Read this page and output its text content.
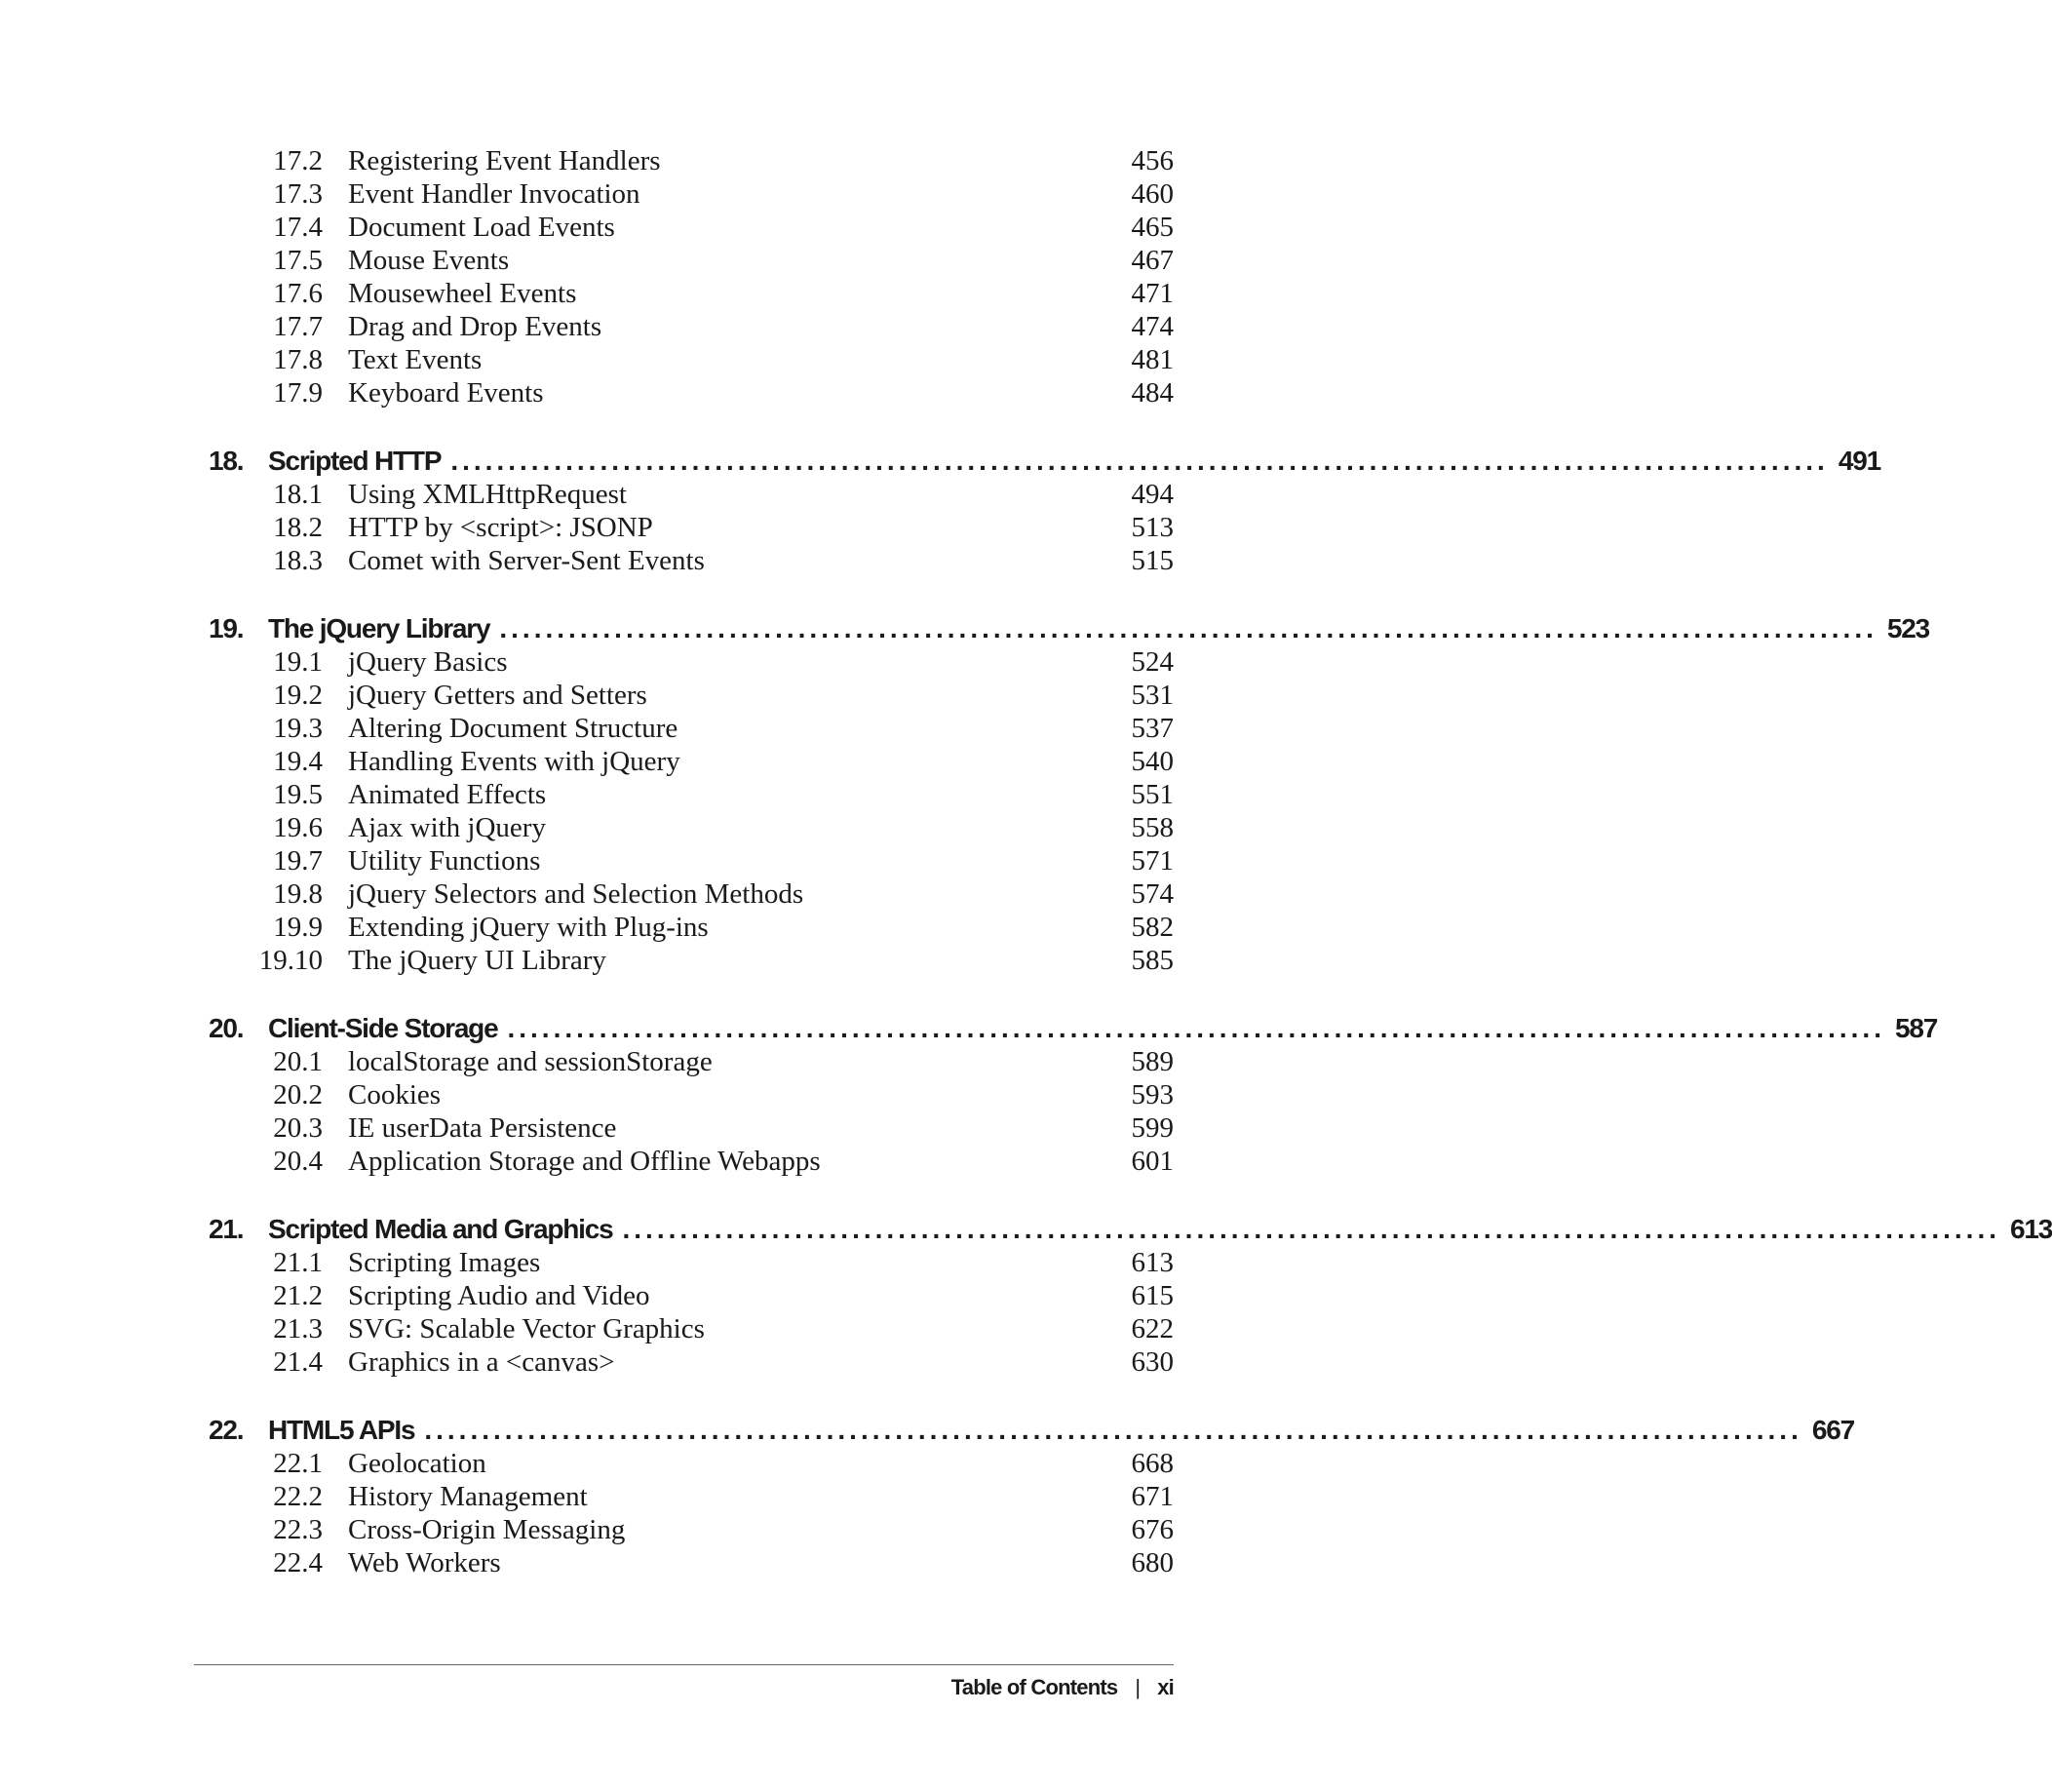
17.2 Registering Event Handlers	456
17.3 Event Handler Invocation	460
17.4 Document Load Events	465
17.5 Mouse Events	467
17.6 Mousewheel Events	471
17.7 Drag and Drop Events	474
17.8 Text Events	481
17.9 Keyboard Events	484
18. Scripted HTTP ........................................................................................................................ 491
18.1 Using XMLHttpRequest	494
18.2 HTTP by <script>: JSONP	513
18.3 Comet with Server-Sent Events	515
19. The jQuery Library ........................................................................................................................ 523
19.1 jQuery Basics	524
19.2 jQuery Getters and Setters	531
19.3 Altering Document Structure	537
19.4 Handling Events with jQuery	540
19.5 Animated Effects	551
19.6 Ajax with jQuery	558
19.7 Utility Functions	571
19.8 jQuery Selectors and Selection Methods	574
19.9 Extending jQuery with Plug-ins	582
19.10 The jQuery UI Library	585
20. Client-Side Storage ........................................................................................................................ 587
20.1 localStorage and sessionStorage	589
20.2 Cookies	593
20.3 IE userData Persistence	599
20.4 Application Storage and Offline Webapps	601
21. Scripted Media and Graphics ........................................................................................................................ 613
21.1 Scripting Images	613
21.2 Scripting Audio and Video	615
21.3 SVG: Scalable Vector Graphics	622
21.4 Graphics in a <canvas>	630
22. HTML5 APIs ........................................................................................................................ 667
22.1 Geolocation	668
22.2 History Management	671
22.3 Cross-Origin Messaging	676
22.4 Web Workers	680
Table of Contents | xi
